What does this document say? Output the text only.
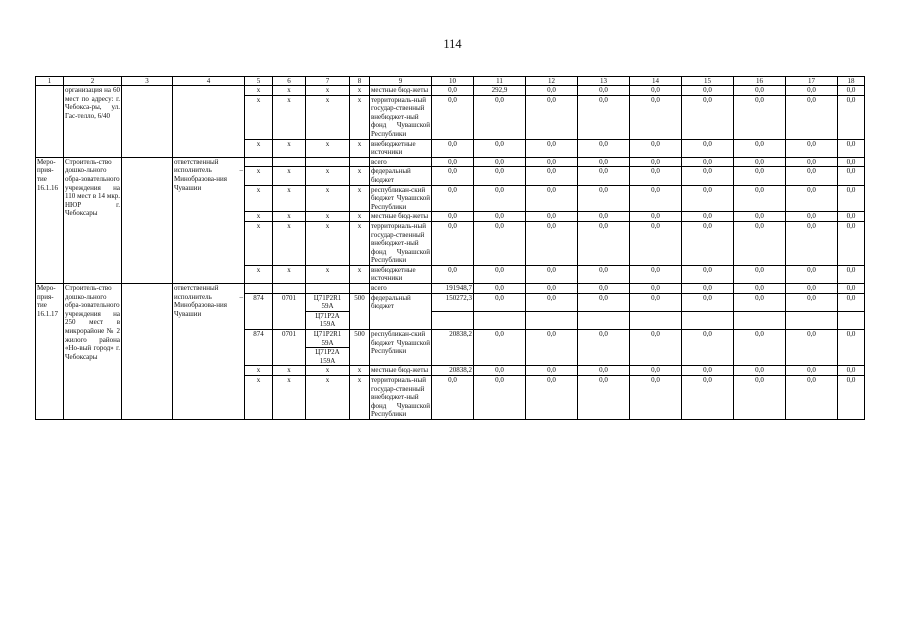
114
1	2	3	4	5	6	7	8	9	10	11	12	13	14	15	16	17	18
	организация на 60 мест по адресу: г. Чебокса-ры, ул. Гас-телло, 6/40			x	x	x	x	местные бюд-жеты	0,0	292,9	0,0	0,0	0,0	0,0	0,0	0,0	0,0
				x	x	x	x	территориаль-ный государ-ственный внебюджет-ный фонд Чувашской Республики	0,0	0,0	0,0	0,0	0,0	0,0	0,0	0,0	0,0
				x	x	x	x	внебюджетные источники	0,0	0,0	0,0	0,0	0,0	0,0	0,0	0,0	0,0
Меро-прия-тие 16.1.16	Строитель-ство дошко-льного обра-зовательного учреждения на 110 мест в 14 мкр. НЮР г. Чебоксары		ответственный исполнитель – Минобразова-ния Чувашии					всего	0,0	0,0	0,0	0,0	0,0	0,0	0,0	0,0	0,0
				x	x	x	x	федеральный бюджет	0,0	0,0	0,0	0,0	0,0	0,0	0,0	0,0	0,0
				x	x	x	x	республикан-ский бюджет Чувашской Республики	0,0	0,0	0,0	0,0	0,0	0,0	0,0	0,0	0,0
				x	x	x	x	местные бюд-жеты	0,0	0,0	0,0	0,0	0,0	0,0	0,0	0,0	0,0
				x	x	x	x	территориаль-ный государ-ственный внебюджет-ный фонд Чувашской Республики	0,0	0,0	0,0	0,0	0,0	0,0	0,0	0,0	0,0
				x	x	x	x	внебюджетные источники	0,0	0,0	0,0	0,0	0,0	0,0	0,0	0,0	0,0
Меро-прия-тие 16.1.17	Строитель-ство дошко-льного обра-зовательного учреждения на 250 мест в микрорайоне № 2 жилого района «Но-вый город» г. Чебоксары		ответственный исполнитель – Минобразова-ния Чувашии					всего	191948,7	0,0	0,0	0,0	0,0	0,0	0,0	0,0	0,0
				874	0701	Ц71Р2R1 59А	500	федеральный бюджет	150272,3	0,0	0,0	0,0	0,0	0,0	0,0	0,0	0,0
						Ц71Р2А 159А											
				874	0701	Ц71Р2R1 59А	500	республикан-ский бюджет Чувашской Республики	20838,2	0,0	0,0	0,0	0,0	0,0	0,0	0,0	0,0
						Ц71Р2А 159А											
				x	x	x	x	местные бюд-жеты	20838,2	0,0	0,0	0,0	0,0	0,0	0,0	0,0	0,0
				x	x	x	x	территориаль-ный государ-ственный внебюджет-ный фонд Чувашской Республики	0,0	0,0	0,0	0,0	0,0	0,0	0,0	0,0	0,0
